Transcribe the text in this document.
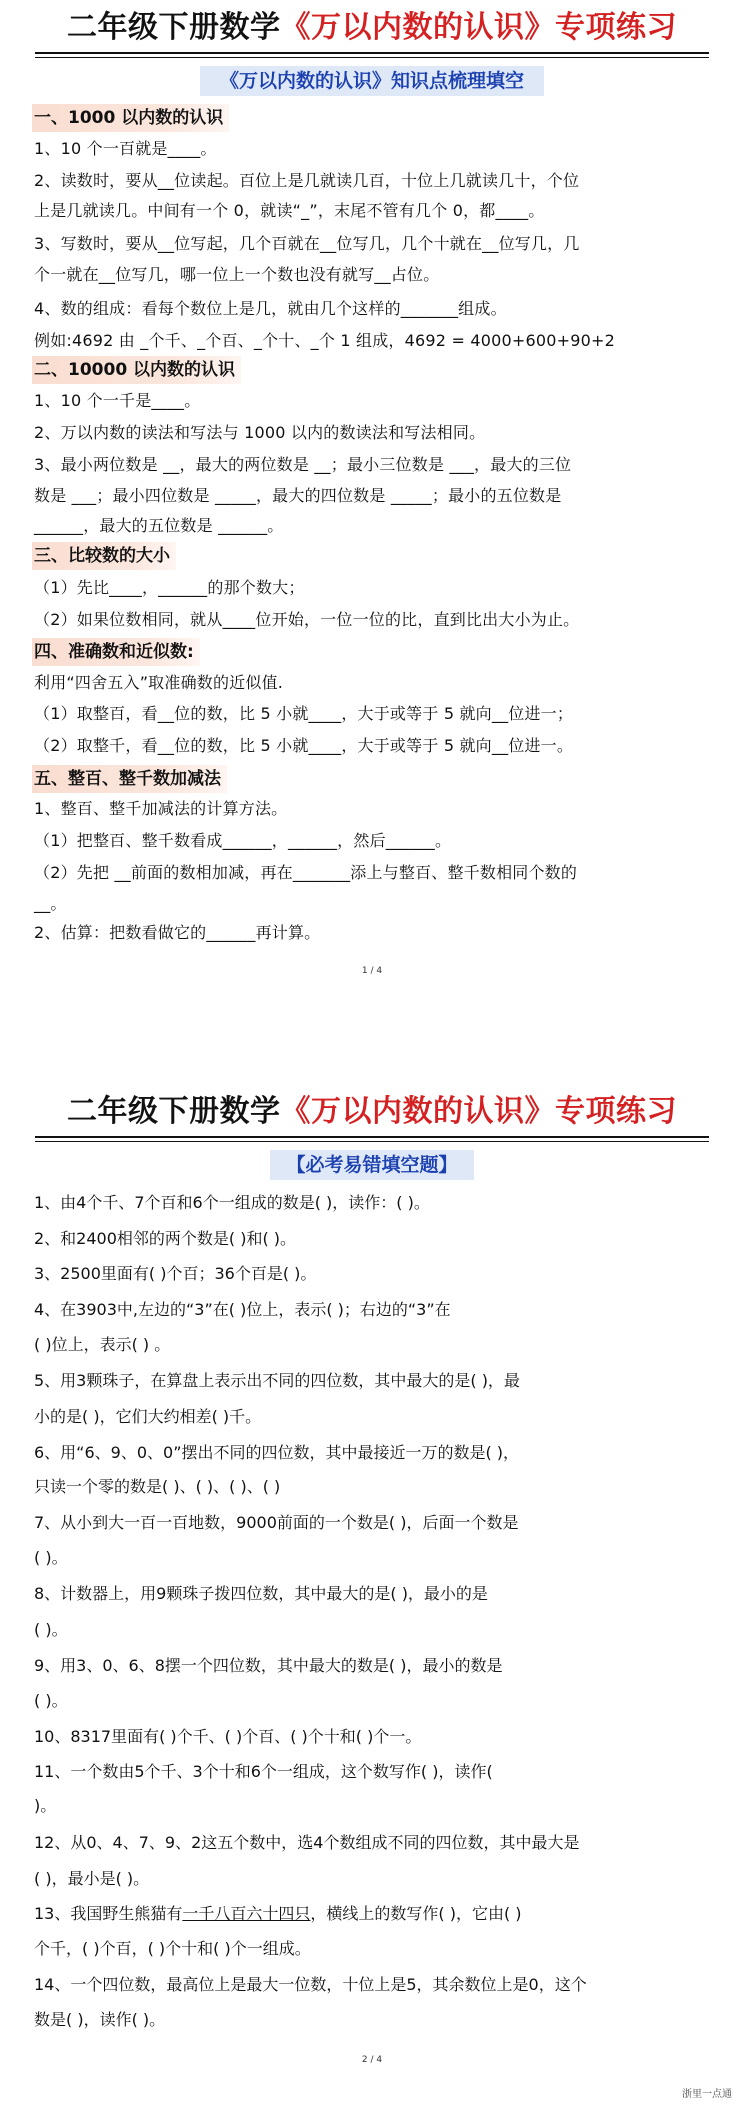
二年级下册数学《万以内数的认识》专项练习
《万以内数的认识》知识点梳理填空
一、1000 以内数的认识
1、10 个一百就是____。
2、读数时，要从__位读起。百位上是几就读几百，十位上几就读几十，个位
上是几就读几。中间有一个 0，就读“_”，末尾不管有几个 0，都____。
3、写数时，要从__位写起，几个百就在__位写几，几个十就在__位写几，几
个一就在__位写几，哪一位上一个数也没有就写__占位。
4、数的组成：看每个数位上是几，就由几个这样的_______组成。
例如:4692 由 _个千、_个百、_个十、_个 1 组成，4692 = 4000+600+90+2
二、10000 以内数的认识
1、10 个一千是____。
2、万以内数的读法和写法与 1000 以内的数读法和写法相同。
3、最小两位数是 __，最大的两位数是 __；最小三位数是 ___，最大的三位
数是 ___；最小四位数是 _____，最大的四位数是 _____；最小的五位数是
______，最大的五位数是 ______。
三、比较数的大小
（1）先比____，______的那个数大；
（2）如果位数相同，就从____位开始，一位一位的比，直到比出大小为止。
四、准确数和近似数:
利用“四舍五入”取准确数的近似值.
（1）取整百，看__位的数，比 5 小就____，大于或等于 5 就向__位进一；
（2）取整千，看__位的数，比 5 小就____，大于或等于 5 就向__位进一。
五、整百、整千数加减法
1、整百、整千加减法的计算方法。
（1）把整百、整千数看成______，______，然后______。
（2）先把 __前面的数相加减，再在_______添上与整百、整千数相同个数的
__。
2、估算：把数看做它的______再计算。
1 / 4
二年级下册数学《万以内数的认识》专项练习
【必考易错填空题】
1、由4个千、7个百和6个一组成的数是( )，读作：( )。
2、和2400相邻的两个数是( )和( )。
3、2500里面有( )个百；36个百是( )。
4、在3903中,左边的“3”在( )位上，表示( )；右边的“3”在
( )位上，表示( ) 。
5、用3颗珠子，在算盘上表示出不同的四位数，其中最大的是( )，最
小的是( )，它们大约相差( )千。
6、用“6、9、0、0”摆出不同的四位数，其中最接近一万的数是( )，
只读一个零的数是( )、( )、( )、( )
7、从小到大一百一百地数，9000前面的一个数是( )，后面一个数是
( )。
8、计数器上，用9颗珠子拨四位数，其中最大的是( )，最小的是
( )。
9、用3、0、6、8摆一个四位数，其中最大的数是( )，最小的数是
( )。
10、8317里面有( )个千、( )个百、( )个十和( )个一。
11、一个数由5个千、3个十和6个一组成，这个数写作( )，读作(
)。
12、从0、4、7、9、2这五个数中，选4个数组成不同的四位数，其中最大是
( )，最小是( )。
13、我国野生熊猫有一千八百六十四只，横线上的数写作( )，它由( )
个千，( )个百，( )个十和( )个一组成。
14、一个四位数，最高位上是最大一位数，十位上是5，其余数位上是0，这个
数是( )，读作( )。
2 / 4
浙里一点通
